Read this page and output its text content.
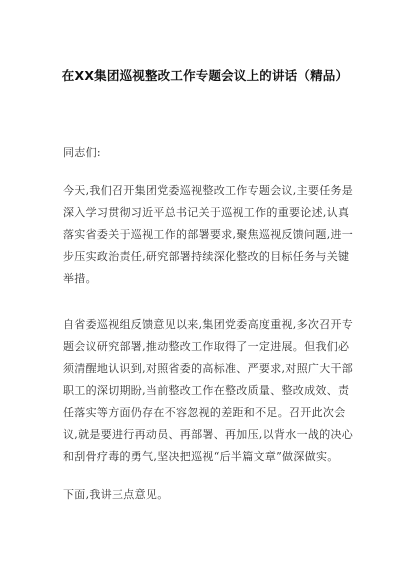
在XX集团巡视整改工作专题会议上的讲话（精品）
同志们:
今天,我们召开集团党委巡视整改工作专题会议,主要任务是
深入学习贯彻习近平总书记关于巡视工作的重要论述,认真
落实省委关于巡视工作的部署要求,聚焦巡视反馈问题,进一
步压实政治责任,研究部署持续深化整改的目标任务与关键
举措。
自省委巡视组反馈意见以来,集团党委高度重视,多次召开专
题会议研究部署,推动整改工作取得了一定进展。但我们必
须清醒地认识到,对照省委的高标准、严要求,对照广大干部
职工的深切期盼,当前整改工作在整改质量、整改成效、责
任落实等方面仍存在不容忽视的差距和不足。召开此次会
议,就是要进行再动员、再部署、再加压,以背水一战的决心
和刮骨疗毒的勇气,坚决把巡视“后半篇文章”做深做实。
下面,我讲三点意见。
